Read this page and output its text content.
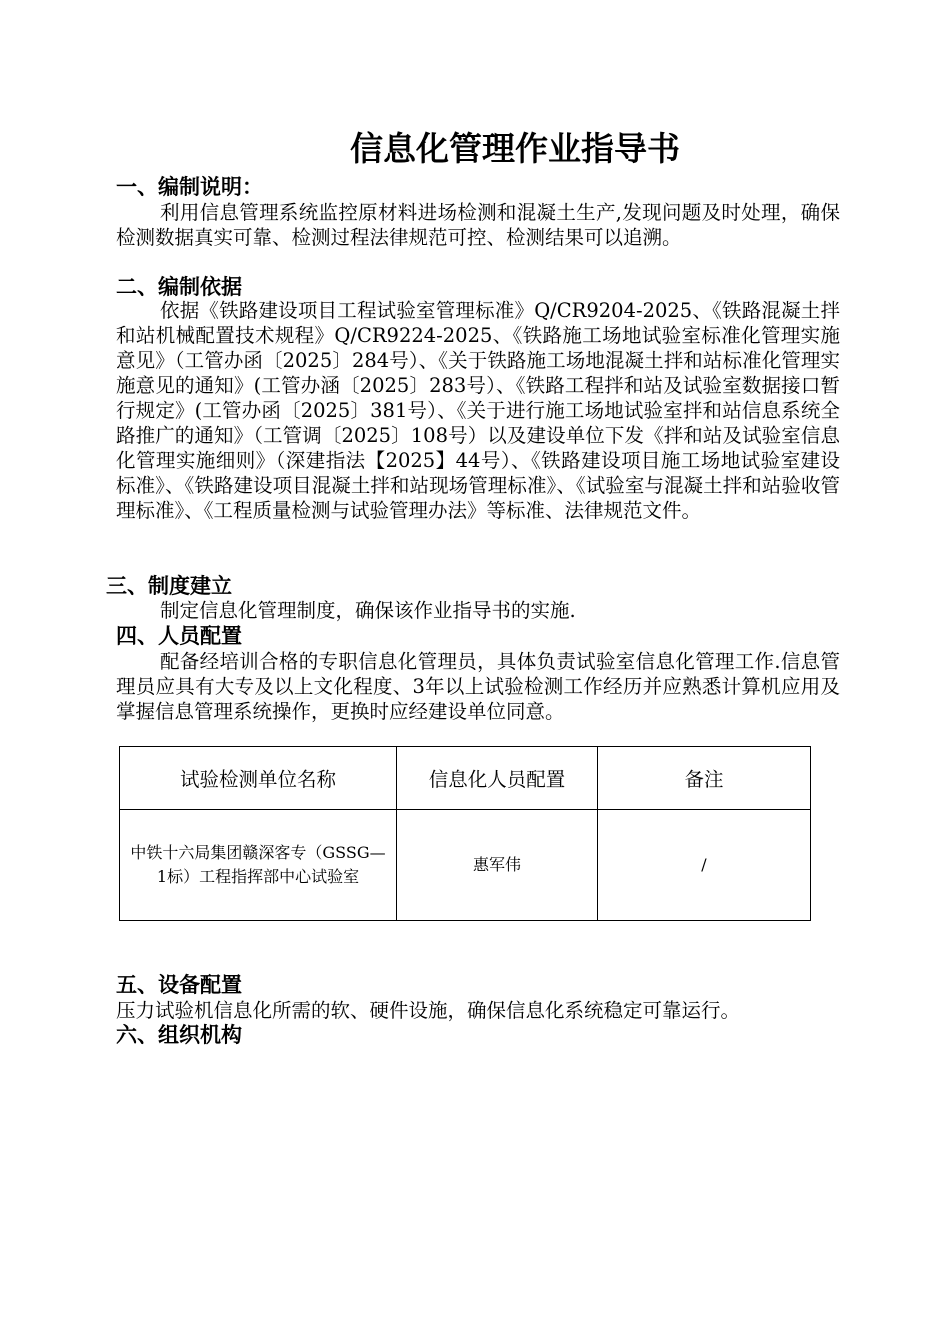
信息化管理作业指导书
一、编制说明：

利用信息管理系统监控原材料进场检测和混凝土生产,发现问题及时处理，确保检测数据真实可靠、检测过程法律规范可控、检测结果可以追溯。

二、编制依据

依据《铁路建设项目工程试验室管理标准》Q/CR9204-2025、《铁路混凝土拌和站机械配置技术规程》Q/CR9224-2025、《铁路施工场地试验室标准化管理实施意见》（工管办函〔2025〕284号）、《关于铁路施工场地混凝土拌和站标准化管理实施意见的通知》(工管办涵〔2025〕283号）、《铁路工程拌和站及试验室数据接口暂行规定》(工管办函〔2025〕381号）、《关于进行施工场地试验室拌和站信息系统全路推广的通知》（工管调〔2025〕108号）以及建设单位下发《拌和站及试验室信息化管理实施细则》（深建指法【2025】44号）、《铁路建设项目施工场地试验室建设标准》、《铁路建设项目混凝土拌和站现场管理标准》、《试验室与混凝土拌和站验收管理标准》、《工程质量检测与试验管理办法》等标准、法律规范文件。

三、制度建立

制定信息化管理制度，确保该作业指导书的实施.

四、人员配置

配备经培训合格的专职信息化管理员，具体负责试验室信息化管理工作.信息管理员应具有大专及以上文化程度、3年以上试验检测工作经历并应熟悉计算机应用及掌握信息管理系统操作，更换时应经建设单位同意。

试验检测单位名称	信息化人员配置	备注
中铁十六局集团赣深客专（GSSG—1标）工程指挥部中心试验室	惠军伟	/
五、设备配置

压力试验机信息化所需的软、硬件设施，确保信息化系统稳定可靠运行。

六、组织机构
